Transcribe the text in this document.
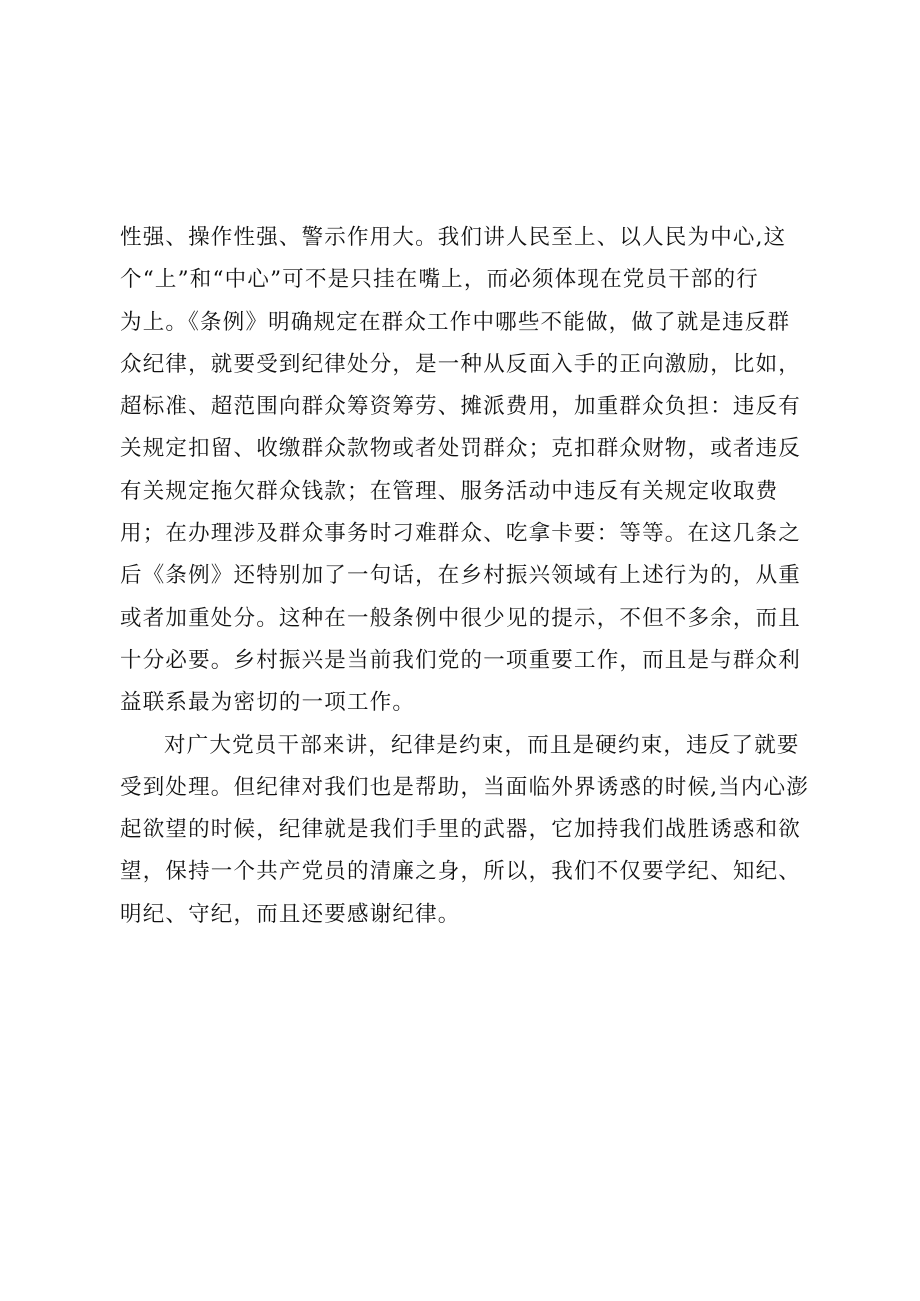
性强、操作性强、警示作用大。我们讲人民至上、以人民为中心,这
个“上”和“中心”可不是只挂在嘴上，而必须体现在党员干部的行
为上。《条例》明确规定在群众工作中哪些不能做，做了就是违反群
众纪律，就要受到纪律处分，是一种从反面入手的正向激励，比如，
超标准、超范围向群众筹资筹劳、摊派费用，加重群众负担：违反有
关规定扣留、收缴群众款物或者处罚群众；克扣群众财物，或者违反
有关规定拖欠群众钱款；在管理、服务活动中违反有关规定收取费
用；在办理涉及群众事务时刁难群众、吃拿卡要：等等。在这几条之
后《条例》还特别加了一句话，在乡村振兴领域有上述行为的，从重
或者加重处分。这种在一般条例中很少见的提示，不但不多余，而且
十分必要。乡村振兴是当前我们党的一项重要工作，而且是与群众利
益联系最为密切的一项工作。
对广大党员干部来讲，纪律是约束，而且是硬约束，违反了就要
受到处理。但纪律对我们也是帮助，当面临外界诱惑的时候,当内心澎
起欲望的时候，纪律就是我们手里的武器，它加持我们战胜诱惑和欲
望，保持一个共产党员的清廉之身，所以，我们不仅要学纪、知纪、
明纪、守纪，而且还要感谢纪律。
